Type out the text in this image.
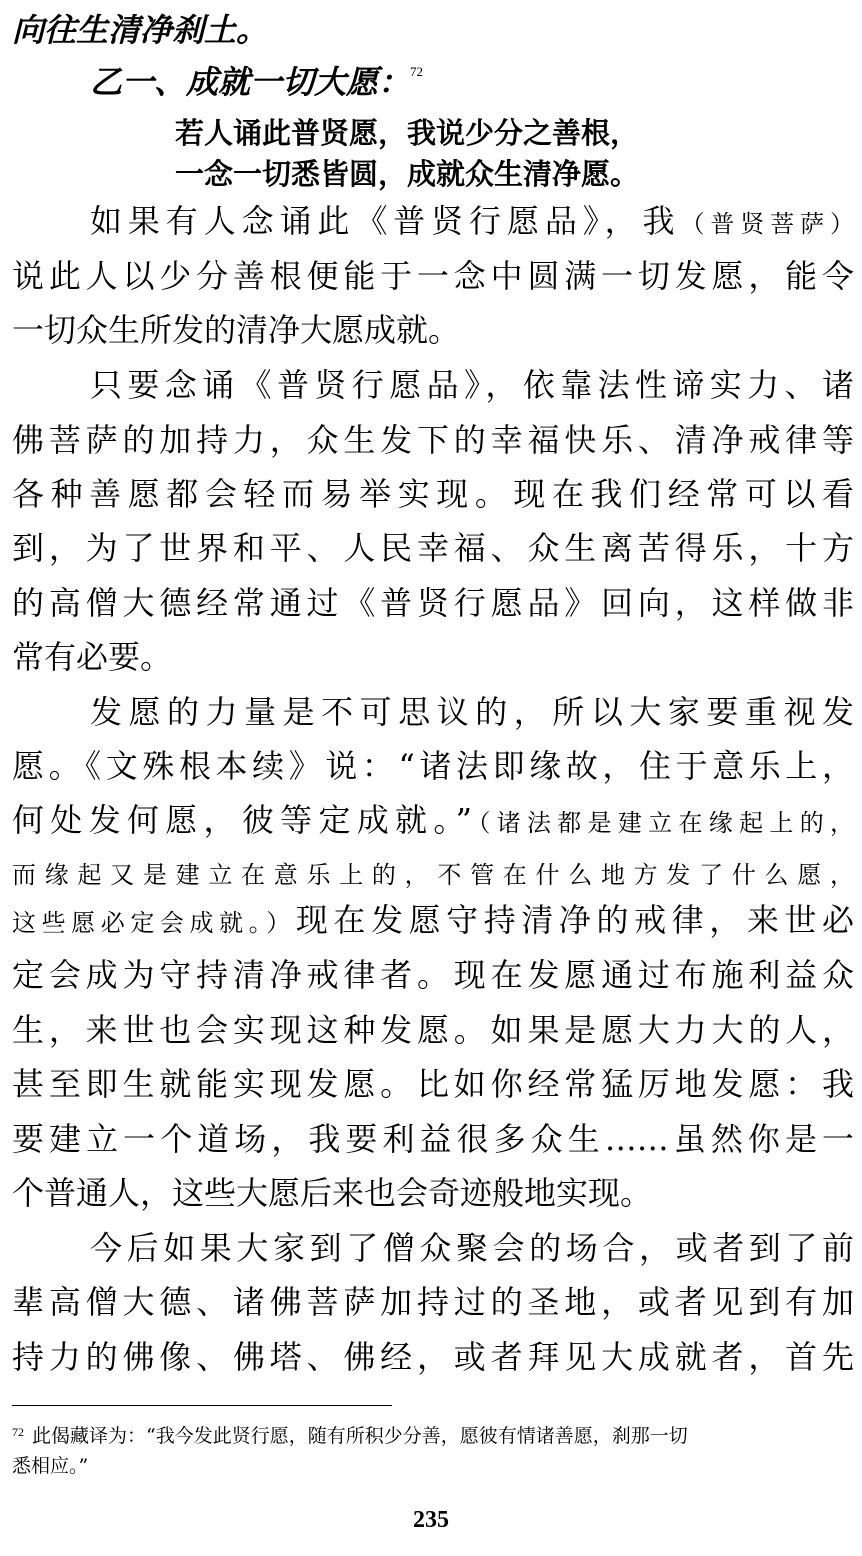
向往生清净刹土。
乙一、成就一切大愿：$^{72}$
若人诵此普贤愿，我说少分之善根，
一念一切悉皆圆，成就众生清净愿。
如果有人念诵此《普贤行愿品》，我（普贤菩萨）
说此人以少分善根便能于一念中圆满一切发愿，能令
一切众生所发的清净大愿成就。
只要念诵《普贤行愿品》，依靠法性谛实力、诸
佛菩萨的加持力，众生发下的幸福快乐、清净戒律等
各种善愿都会轻而易举实现。现在我们经常可以看
到，为了世界和平、人民幸福、众生离苦得乐，十方
的高僧大德经常通过《普贤行愿品》回向，这样做非
常有必要。
发愿的力量是不可思议的，所以大家要重视发
愿。《文殊根本续》说：“诸法即缘故，住于意乐上，
何处发何愿，彼等定成就。”（诸法都是建立在缘起上的，
而缘起又是建立在意乐上的，不管在什么地方发了什么愿，
这些愿必定会成就。）现在发愿守持清净的戒律，来世必
定会成为守持清净戒律者。现在发愿通过布施利益众
生，来世也会实现这种发愿。如果是愿大力大的人，
甚至即生就能实现发愿。比如你经常猛厉地发愿：我
要建立一个道场，我要利益很多众生……虽然你是一
个普通人，这些大愿后来也会奇迹般地实现。
今后如果大家到了僧众聚会的场合，或者到了前
辈高僧大德、诸佛菩萨加持过的圣地，或者见到有加
持力的佛像、佛塔、佛经，或者拜见大成就者，首先
$^{72}$ 此偈藏译为：“我今发此贤行愿，随有所积少分善，愿彼有情诸善愿，刹那一切
悉相应。”
235
